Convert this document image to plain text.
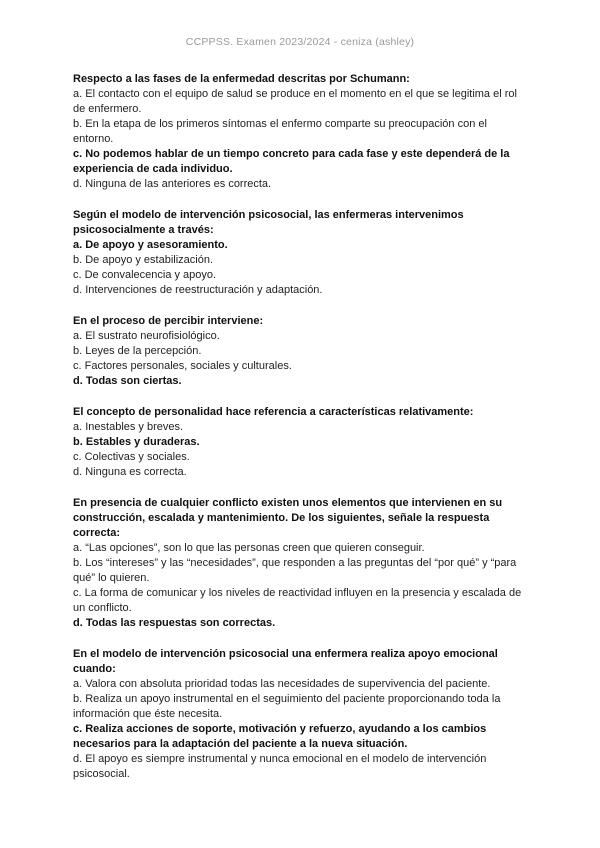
CCPPSS. Examen 2023/2024 - ceniza (ashley)
Respecto a las fases de la enfermedad descritas por Schumann:
a. El contacto con el equipo de salud se produce en el momento en el que se legitima el rol de enfermero.
b. En la etapa de los primeros síntomas el enfermo comparte su preocupación con el entorno.
c. No podemos hablar de un tiempo concreto para cada fase y este dependerá de la experiencia de cada individuo.
d. Ninguna de las anteriores es correcta.
Según el modelo de intervención psicosocial, las enfermeras intervenimos psicosocialmente a través:
a. De apoyo y asesoramiento.
b. De apoyo y estabilización.
c. De convalecencia y apoyo.
d. Intervenciones de reestructuración y adaptación.
En el proceso de percibir interviene:
a. El sustrato neurofisiológico.
b. Leyes de la percepción.
c. Factores personales, sociales y culturales.
d. Todas son ciertas.
El concepto de personalidad hace referencia a características relativamente:
a. Inestables y breves.
b. Estables y duraderas.
c. Colectivas y sociales.
d. Ninguna es correcta.
En presencia de cualquier conflicto existen unos elementos que intervienen en su construcción, escalada y mantenimiento. De los siguientes, señale la respuesta correcta:
a. “Las opciones”, son lo que las personas creen que quieren conseguir.
b. Los “intereses” y las “necesidades”, que responden a las preguntas del “por qué” y “para qué” lo quieren.
c. La forma de comunicar y los niveles de reactividad influyen en la presencia y escalada de un conflicto.
d. Todas las respuestas son correctas.
En el modelo de intervención psicosocial una enfermera realiza apoyo emocional cuando:
a. Valora con absoluta prioridad todas las necesidades de supervivencia del paciente.
b. Realiza un apoyo instrumental en el seguimiento del paciente proporcionando toda la información que éste necesita.
c. Realiza acciones de soporte, motivación y refuerzo, ayudando a los cambios necesarios para la adaptación del paciente a la nueva situación.
d. El apoyo es siempre instrumental y nunca emocional en el modelo de intervención psicosocial.
